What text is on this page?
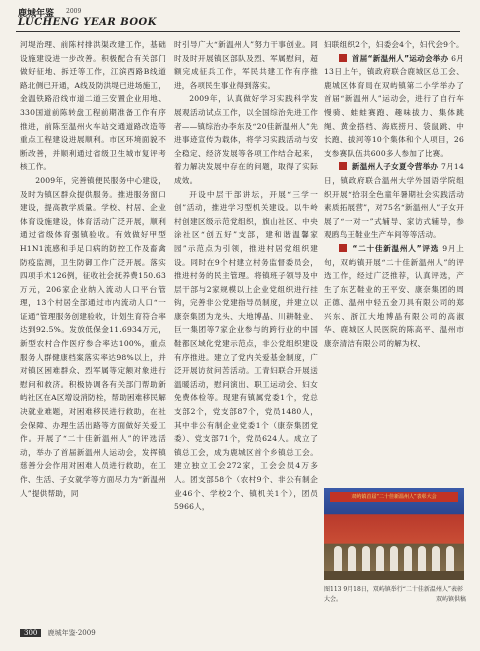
鹿城年鉴 2009
LUCHENG YEAR BOOK

河堤治理、前陈村排洪渠改建工作，基础设施建设进一步改善。积极配合有关部门做好征地、拆迁等工作，江滨西路B线道路北侧已开通，A线及防洪堤已进场施工，金温铁路沿线市道二道三安置企业用地、330国道前陈转盘工程前期准备工作有序推进，前陈至温州火车站交通道路改造等重点工程建设进展顺利。市区环境面貌不断改善，并顺利通过省级卫生城市复评考核工作。

2009年，完善镇便民服务中心建设，及时为镇区群众提供服务。推进服务窗口建设，提高教学质量。学校、村居、企业体育设施建设，体育活动广泛开展，顺利通过省级体育强镇验收。有效做好甲型H1N1流感和手足口病的防控工作及畜禽防疫监测，卫生防御工作广泛开展。落实四项手术126例，征收社会抚养费150.63万元，206家企业纳入流动人口平台管理，13个村居全部通过市内流动人口“一证通”管理服务创建验收，计划生育符合率达到92.5%。发放低保金11.6934万元，新型农村合作医疗参合率达100%，重点服务人群健康档案落实率达98%以上，并对镇区困难群众、烈军属等定额对象进行慰问和救济。积极协调各有关部门帮助新屿社区在A区增设消防栓，帮助困难移民解决就业难题，对困难移民进行救助，在社会保障、办理生活出路等方面做好关爱工作。开展了“二十佳新温州人”的评选活动，举办了首届新温州人运动会，发挥镇慈善分会作用对困难人员进行救助，在工作、生活、子女就学等方面尽力为“新温州人”提供帮助，同

时引导广大“新温州人”努力干事创业。同时及时开展镇区部队及烈、军属慰问，超额完成征兵工作，军民共建工作有序推进，各项民生事业得到落实。

2009年，认真做好学习实践科学发展观活动试点工作，以全国综治先进工作者——镇综治办李东及“20佳新温州人”先进事迹宣传为载体，将学习实践活动与安全稳定、经济发展等各项工作结合起来，着力解决发展中存在的问题，取得了实际成效。

开设中层干部讲坛，开展“三学一创”活动，推进学习型机关建设。以牛岭村创建区级示范党组织，旗山社区、中央涂社区“创五好”支部，建和谐温馨家园”示范点为引领，推进村居党组织建设。同时在9个村建立村务监督委员会，推进村务的民主管理。将镇班子领导及中层干部与2家规模以上企业党组织进行挂钩，完善非公党建指导员制度，并建立以康奈集团为龙头、大地博晶、川耕鞋业、巨一集团等7家企业参与的跨行业的中国鞋都区域化党建示范点，非公党组织建设有序推进。建立了党内关爱基金制度，广泛开展访贫问苦活动。工青妇联合开展送温暖活动，慰问演出、职工运动会、妇女免费体检等。现建有镇属党委1个，党总支部2个，党支部87个，党员1480人，其中非公有制企业党委1个（康奈集团党委）、党支部71个，党员624人。成立了镇总工会，成为鹿城区首个乡镇总工会。建立独立工会272家，工会会员4万多人。团支部58个（农村9个、非公有制企业46个、学校2个、镇机关1个），团员5966人，

妇联组织2个，妇委会4个，妇代会9个。

首届“新温州人”运动会举办 6月13日上午，镇政府联合鹿城区总工会、鹿城区体育局在双屿镇第二小学举办了首届“新温州人”运动会，进行了自行车慢骑、蛙蛙赛跑、趣味拔力、集体跳绳、黄金搭档、海底捞月、袋鼠跳、中长跑、拔河等10个集体和个人项目，26支参赛队伍共600多人参加了比赛。

新温州人子女夏令营举办 7月14日，镇政府联合温州大学外国语学院组织开展“拾羽全色童年暑期社会实践活动素质拓展营”，对75名“新温州人”子女开展了“一对一”式辅导、家访式辅导，参观鸥鸟王鞋业生产车间等等活动。

“二十佳新温州人”评选 9月上旬，双屿镇开展“二十佳新温州人”的评选工作，经过广泛推荐，认真评选，产生了东艺鞋业的王平安、康奈集团的周正德、温州中轻五金刀具有限公司的郑兴东、浙江大地博晶有限公司的高淑华、鹿城区人民医院的陈高平、温州市康奈清洁有限公司的解为权、

双屿镇首届“二十佳新温州人”表彰大会
图113 9月18日，双屿镇举行“二十佳新温州人”表彰大会。	双屿镇供稿
300 鹿城年鉴·2009
